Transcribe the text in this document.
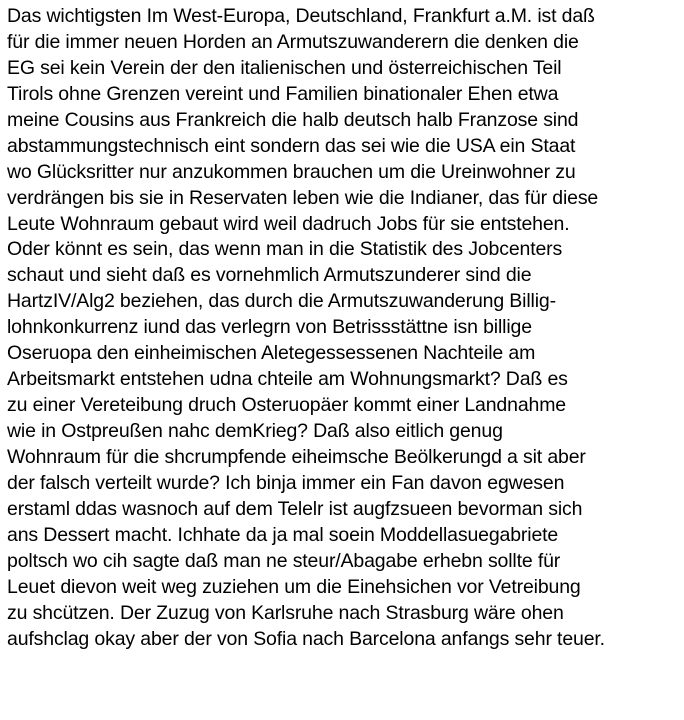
Das wichtigsten Im West-Europa, Deutschland, Frankfurt a.M. ist daß
für die immer neuen Horden an Armutszuwanderern die denken die
EG sei kein Verein der den italienischen und österreichischen Teil
Tirols ohne Grenzen vereint und Familien binationaler Ehen etwa
meine Cousins aus Frankreich die halb deutsch halb Franzose sind
abstammungstechnisch eint sondern das sei wie die USA ein Staat
wo Glücksritter nur anzukommen brauchen um die Ureinwohner zu
verdrängen bis sie in Reservaten leben wie die Indianer, das für diese
Leute Wohnraum gebaut wird weil dadruch Jobs für sie entstehen.
Oder könnt es sein, das wenn man in die Statistik des Jobcenters
schaut und sieht daß es vornehmlich Armutszunderer sind die
HartzIV/Alg2 beziehen, das durch die Armutszuwanderung Billig-
lohnkonkurrenz iund das verlegrn von Betrissstättne isn billige
Oseruopa den einheimischen Aletegessessenen Nachteile am
Arbeitsmarkt entstehen udna chteile am Wohnungsmarkt? Daß es
zu einer Vereteibung druch Osteruopäer kommt einer Landnahme
wie in Ostpreußen nahc demKrieg? Daß also eitlich genug
Wohnraum für die shcrumpfende eiheimsche Beölkerungd a sit aber
der falsch verteilt wurde? Ich binja immer ein Fan davon egwesen
erstaml ddas wasnoch auf dem Telelr ist augfzsueen bevorman sich
ans Dessert macht. Ichhate da ja mal soein Moddellasuegabriete
poltsch wo cih sagte daß man ne steur/Abagabe erhebn sollte für
Leuet dievon weit weg zuziehen um die Einehsichen vor Vetreibung
zu shcützen. Der Zuzug von Karlsruhe nach Strasburg wäre ohen
aufshclag okay aber der von Sofia nach Barcelona anfangs sehr teuer.
